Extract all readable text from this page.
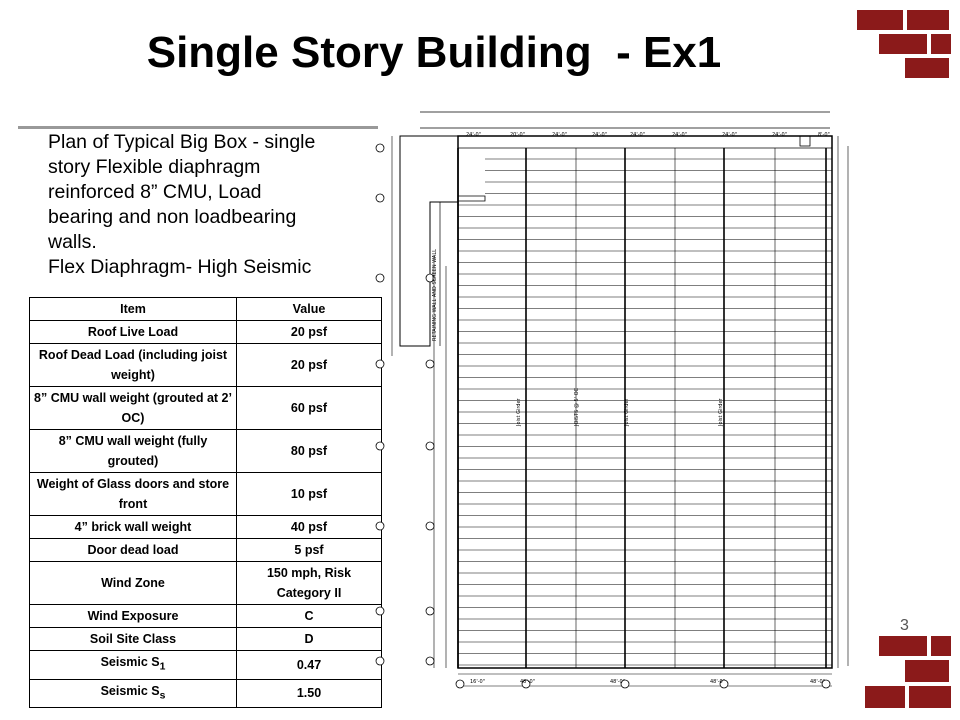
Single Story Building  - Ex1
3

Plan of Typical Big Box - single

story Flexible diaphragm

reinforced 8” CMU, Load

bearing and non loadbearing

walls.

Flex Diaphragm- High Seismic

Item	Value
Roof Live Load	20 psf
Roof Dead Load (including joist weight)	20 psf
8” CMU wall weight (grouted at 2’ OC)	60 psf
8” CMU wall weight (fully grouted)	80 psf
Weight of Glass doors and store front	10 psf
4” brick wall weight	40 psf
Door dead load	5 psf
Wind Zone	150 mph, Risk Category II
Wind Exposure	C
Soil Site Class	D
Seismic $S_1$	0.47
Seismic $S_s$	1.50
24'-0"	20'-0"	24'-0"	24'-0"	24'-0"	24'-0"	24'-0"	24'-0"	8'-0"
16'-0"	48'-0"	48'-0"	48'-0"	48'-0"
RETAINING WALL AND SCREEN WALL
Joist Girder	JOISTS @ 5' OC	Joist Girder	Joist Girder
